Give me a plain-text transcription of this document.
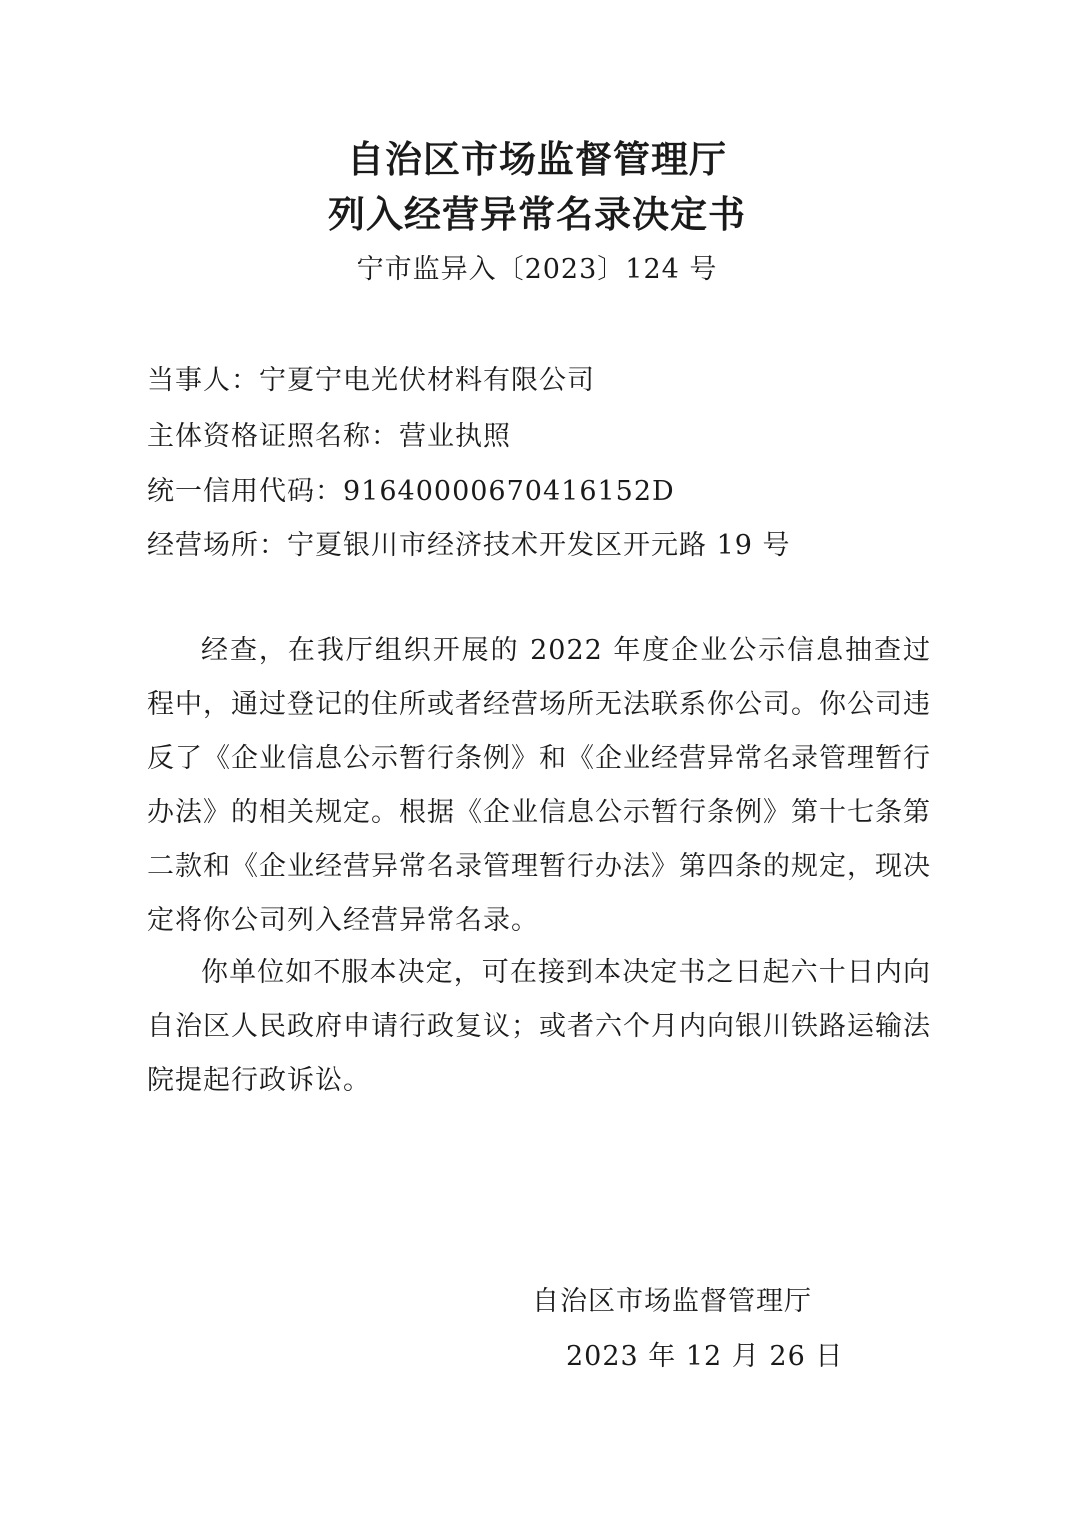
自治区市场监督管理厅
列入经营异常名录决定书
宁市监异入〔2023〕124 号
当事人：宁夏宁电光伏材料有限公司
主体资格证照名称：营业执照
统一信用代码：91640000670416152D
经营场所：宁夏银川市经济技术开发区开元路 19 号

经查，在我厅组织开展的 2022 年度企业公示信息抽查过程中，通过登记的住所或者经营场所无法联系你公司。你公司违反了《企业信息公示暂行条例》和《企业经营异常名录管理暂行办法》的相关规定。根据《企业信息公示暂行条例》第十七条第二款和《企业经营异常名录管理暂行办法》第四条的规定，现决定将你公司列入经营异常名录。

你单位如不服本决定，可在接到本决定书之日起六十日内向自治区人民政府申请行政复议；或者六个月内向银川铁路运输法院提起行政诉讼。

自治区市场监督管理厅
2023 年 12 月 26 日
